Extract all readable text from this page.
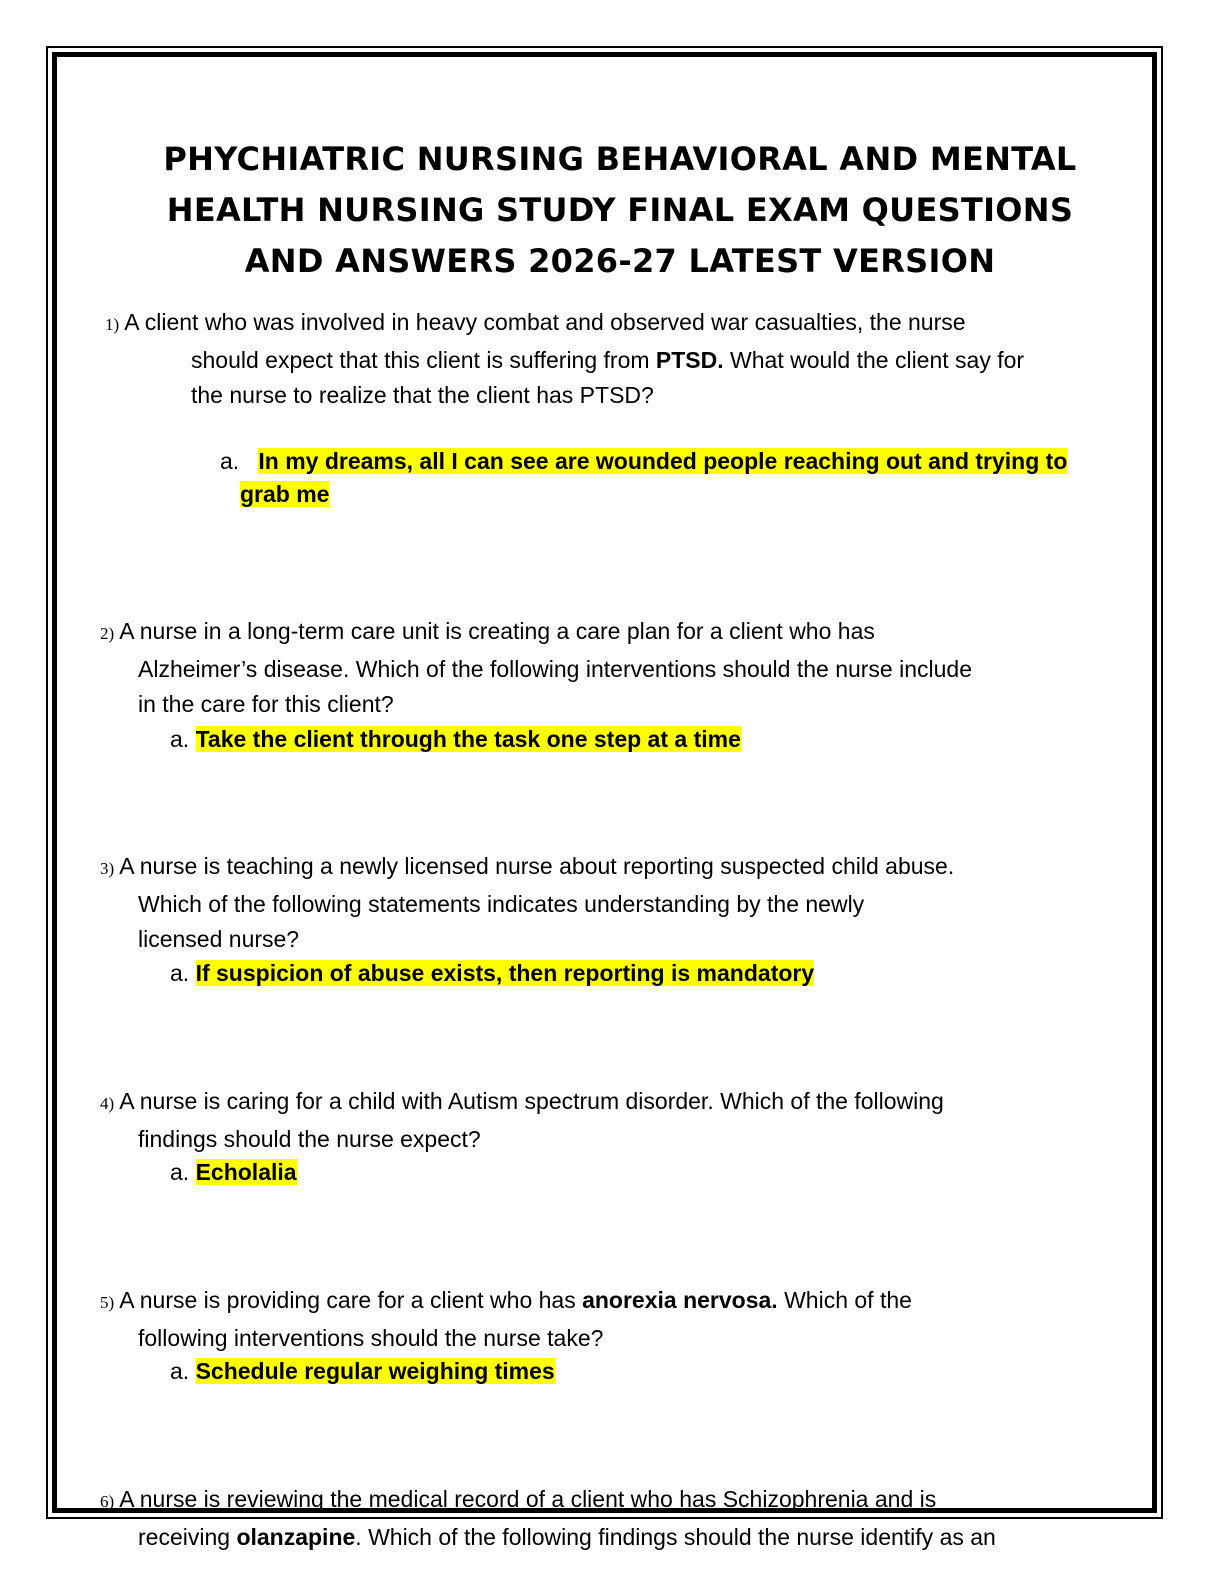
PHYCHIATRIC NURSING BEHAVIORAL AND MENTAL
HEALTH NURSING STUDY FINAL EXAM QUESTIONS
AND ANSWERS 2026-27 LATEST VERSION
1) A client who was involved in heavy combat and observed war casualties, the nurse
should expect that this client is suffering from PTSD. What would the client say for
the nurse to realize that the client has PTSD?
a. In my dreams, all I can see are wounded people reaching out and trying to
grab me
2) A nurse in a long-term care unit is creating a care plan for a client who has
Alzheimer’s disease. Which of the following interventions should the nurse include
in the care for this client?
a. Take the client through the task one step at a time
3) A nurse is teaching a newly licensed nurse about reporting suspected child abuse.
Which of the following statements indicates understanding by the newly
licensed nurse?
a. If suspicion of abuse exists, then reporting is mandatory
4) A nurse is caring for a child with Autism spectrum disorder. Which of the following
findings should the nurse expect?
a. Echolalia
5) A nurse is providing care for a client who has anorexia nervosa. Which of the
following interventions should the nurse take?
a. Schedule regular weighing times
6) A nurse is reviewing the medical record of a client who has Schizophrenia and is
receiving olanzapine. Which of the following findings should the nurse identify as an
